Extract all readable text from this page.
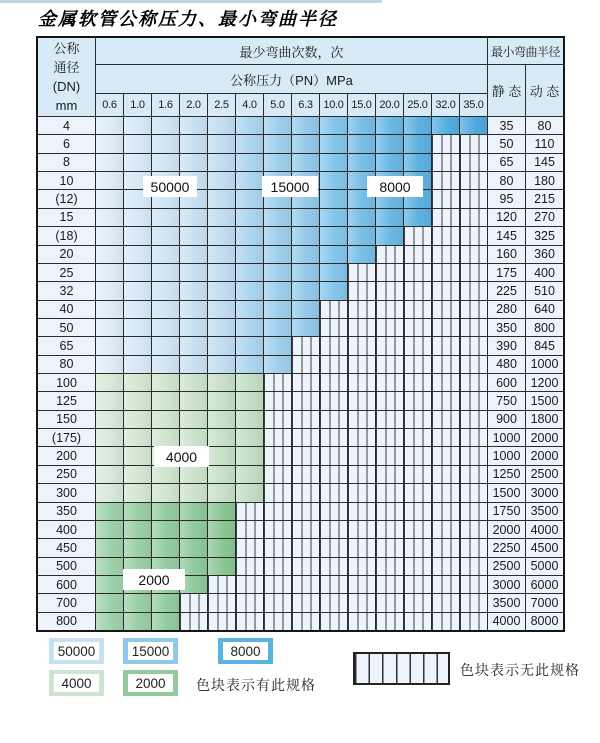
金属软管公称压力、最小弯曲半径
公称
通径
(DN)
mm
最少弯曲次数，次	最小弯曲半径
公称压力（PN）MPa
静 态 动 态
0.6	1.0	1.6	2.0	2.5	4.0	5.0	6.3 10.0 15.0 20.0 25.0 32.0 35.0
4	35	80
6	50	110
8	65	145
10	80	180
(12)	95	215
15	120	270
(18)	145	325
20	160	360
25	175	400
32	225	510
40	280	640
50	350	800
65	390	845
80	480	1000
100	600	1200
125	750	1500
150	900	1800
(175)	1000 2000
200	1000 2000
250	1250 2500
300	1500 3000
350	1750 3500
400	2000 4000
450	2250 4500
500	2500 5000
600	3000 6000
700	3500 7000
800	4000 8000
50000	15000	8000
4000
2000
色块表示有此规格
色块表示无此规格
50000	15000	8000
4000	2000
